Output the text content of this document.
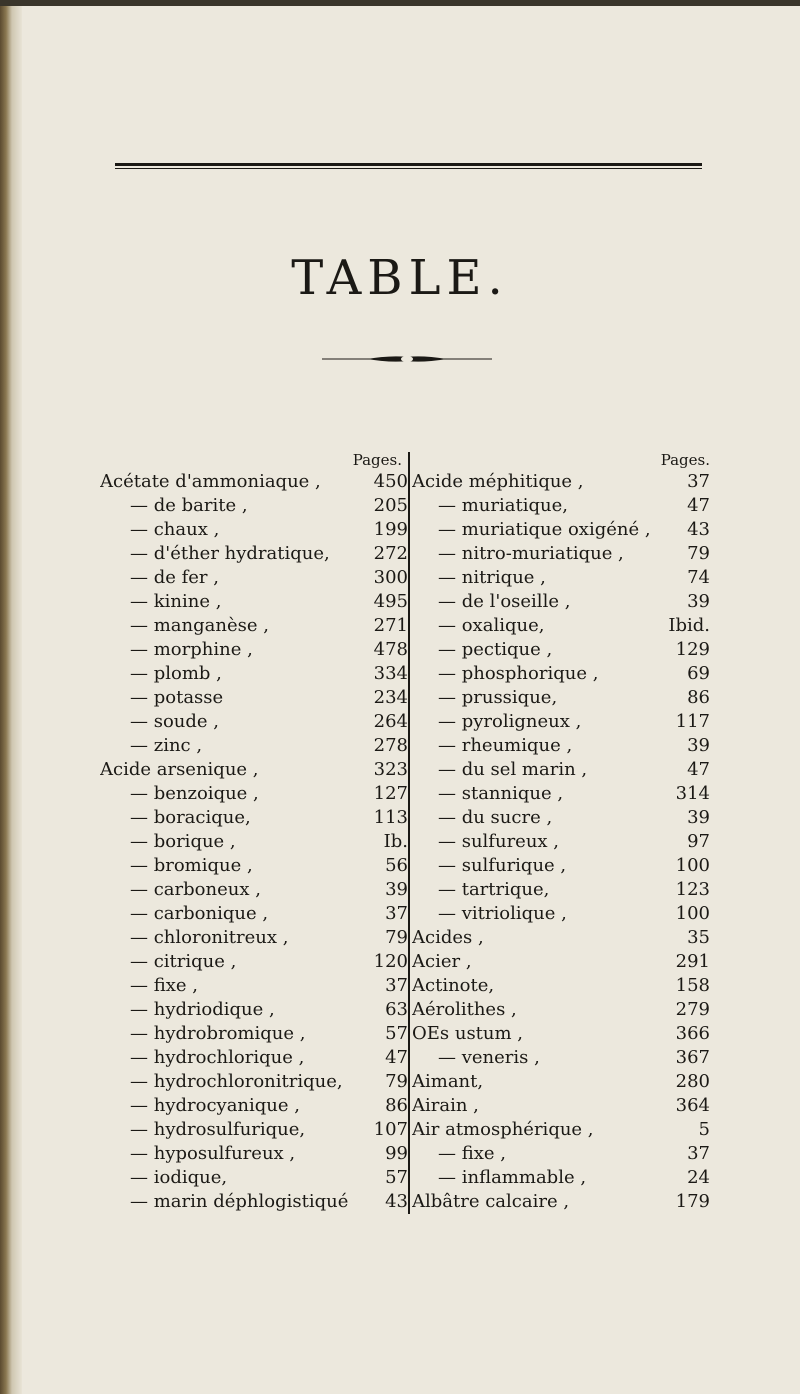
TABLE.
Pages.
Acétate d'ammoniaque ,	450
— de barite ,	205
— chaux ,	199
— d'éther hydratique,	272
— de fer ,	300
— kinine ,	495
— manganèse ,	271
— morphine ,	478
— plomb ,	334
— potasse	234
— soude ,	264
— zinc ,	278
Acide arsenique ,	323
— benzoique ,	127
— boracique,	113
— borique ,	Ib.
— bromique ,	56
— carboneux ,	39
— carbonique ,	37
— chloronitreux ,	79
— citrique ,	120
— fixe ,	37
— hydriodique ,	63
— hydrobromique ,	57
— hydrochlorique ,	47
— hydrochloronitrique,	79
— hydrocyanique ,	86
— hydrosulfurique,	107
— hyposulfureux ,	99
— iodique,	57
— marin déphlogistiqué	43
Pages.
Acide méphitique ,	37
— muriatique,	47
— muriatique oxigéné ,	43
— nitro-muriatique ,	79
— nitrique ,	74
— de l'oseille ,	39
— oxalique,	Ibid.
— pectique ,	129
— phosphorique ,	69
— prussique,	86
— pyroligneux ,	117
— rheumique ,	39
— du sel marin ,	47
— stannique ,	314
— du sucre ,	39
— sulfureux ,	97
— sulfurique ,	100
— tartrique,	123
— vitriolique ,	100
Acides ,	35
Acier ,	291
Actinote,	158
Aérolithes ,	279
OEs ustum ,	366
— veneris ,	367
Aimant,	280
Airain ,	364
Air atmosphérique ,	5
— fixe ,	37
— inflammable ,	24
Albâtre calcaire ,	179
